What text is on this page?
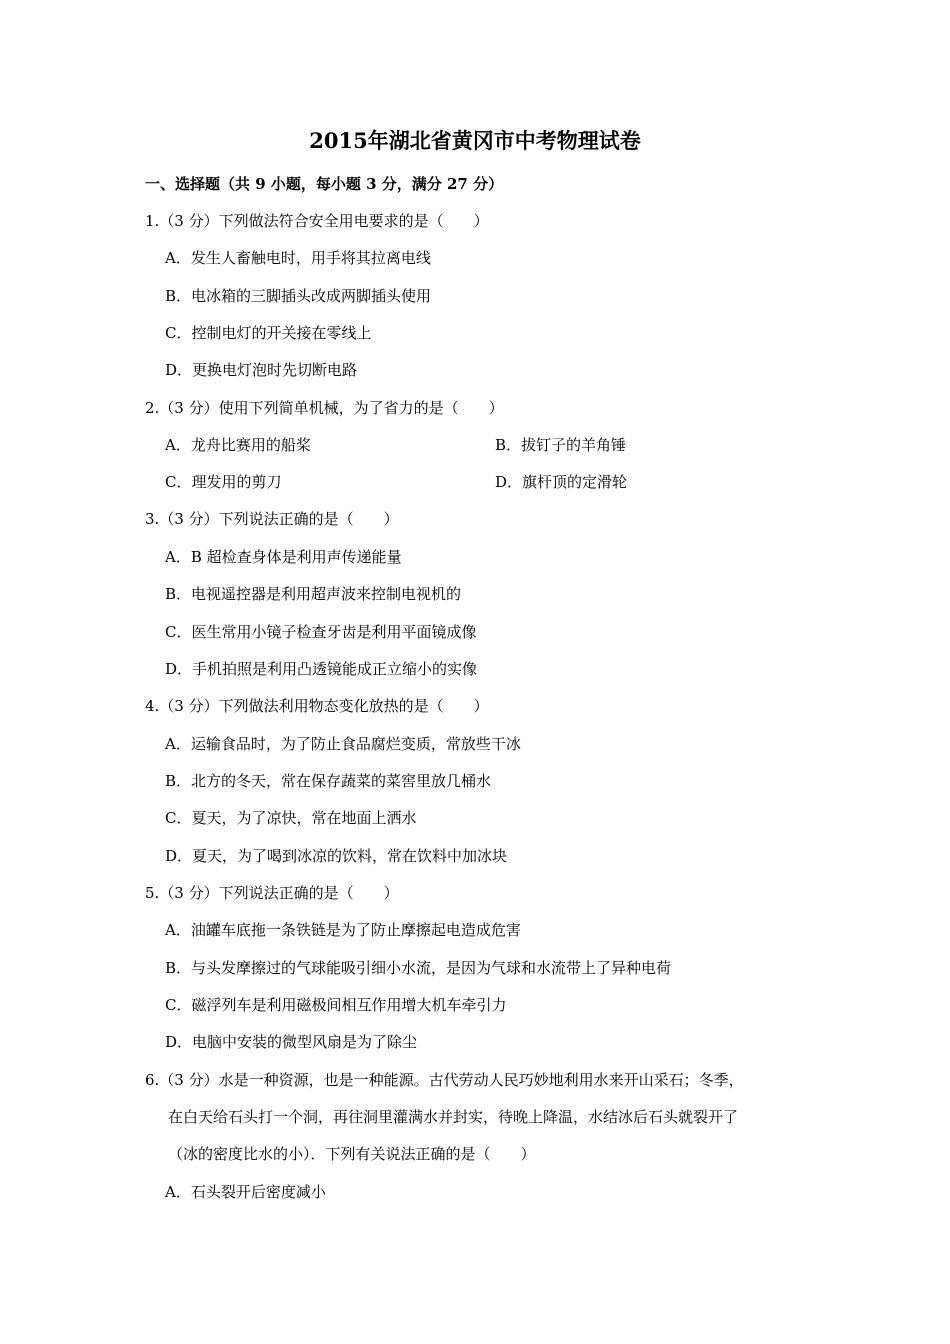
2015年湖北省黄冈市中考物理试卷
一、选择题（共 9 小题，每小题 3 分，满分 27 分）
1.（3 分）下列做法符合安全用电要求的是（　　）
A．发生人畜触电时，用手将其拉离电线
B．电冰箱的三脚插头改成两脚插头使用
C．控制电灯的开关接在零线上
D．更换电灯泡时先切断电路
2.（3 分）使用下列简单机械，为了省力的是（　　）
A．龙舟比赛用的船桨	B．拔钉子的羊角锤
C．理发用的剪刀	D．旗杆顶的定滑轮
3.（3 分）下列说法正确的是（　　）
A．B 超检查身体是利用声传递能量
B．电视遥控器是利用超声波来控制电视机的
C．医生常用小镜子检查牙齿是利用平面镜成像
D．手机拍照是利用凸透镜能成正立缩小的实像
4.（3 分）下列做法利用物态变化放热的是（　　）
A．运输食品时，为了防止食品腐烂变质，常放些干冰
B．北方的冬天，常在保存蔬菜的菜窖里放几桶水
C．夏天，为了凉快，常在地面上洒水
D．夏天，为了喝到冰凉的饮料，常在饮料中加冰块
5.（3 分）下列说法正确的是（　　）
A．油罐车底拖一条铁链是为了防止摩擦起电造成危害
B．与头发摩擦过的气球能吸引细小水流，是因为气球和水流带上了异种电荷
C．磁浮列车是利用磁极间相互作用增大机车牵引力
D．电脑中安装的微型风扇是为了除尘
6.（3 分）水是一种资源，也是一种能源。古代劳动人民巧妙地利用水来开山采石；冬季，
在白天给石头打一个洞，再往洞里灌满水并封实，待晚上降温，水结冰后石头就裂开了
（冰的密度比水的小）．下列有关说法正确的是（　　）
A．石头裂开后密度减小
